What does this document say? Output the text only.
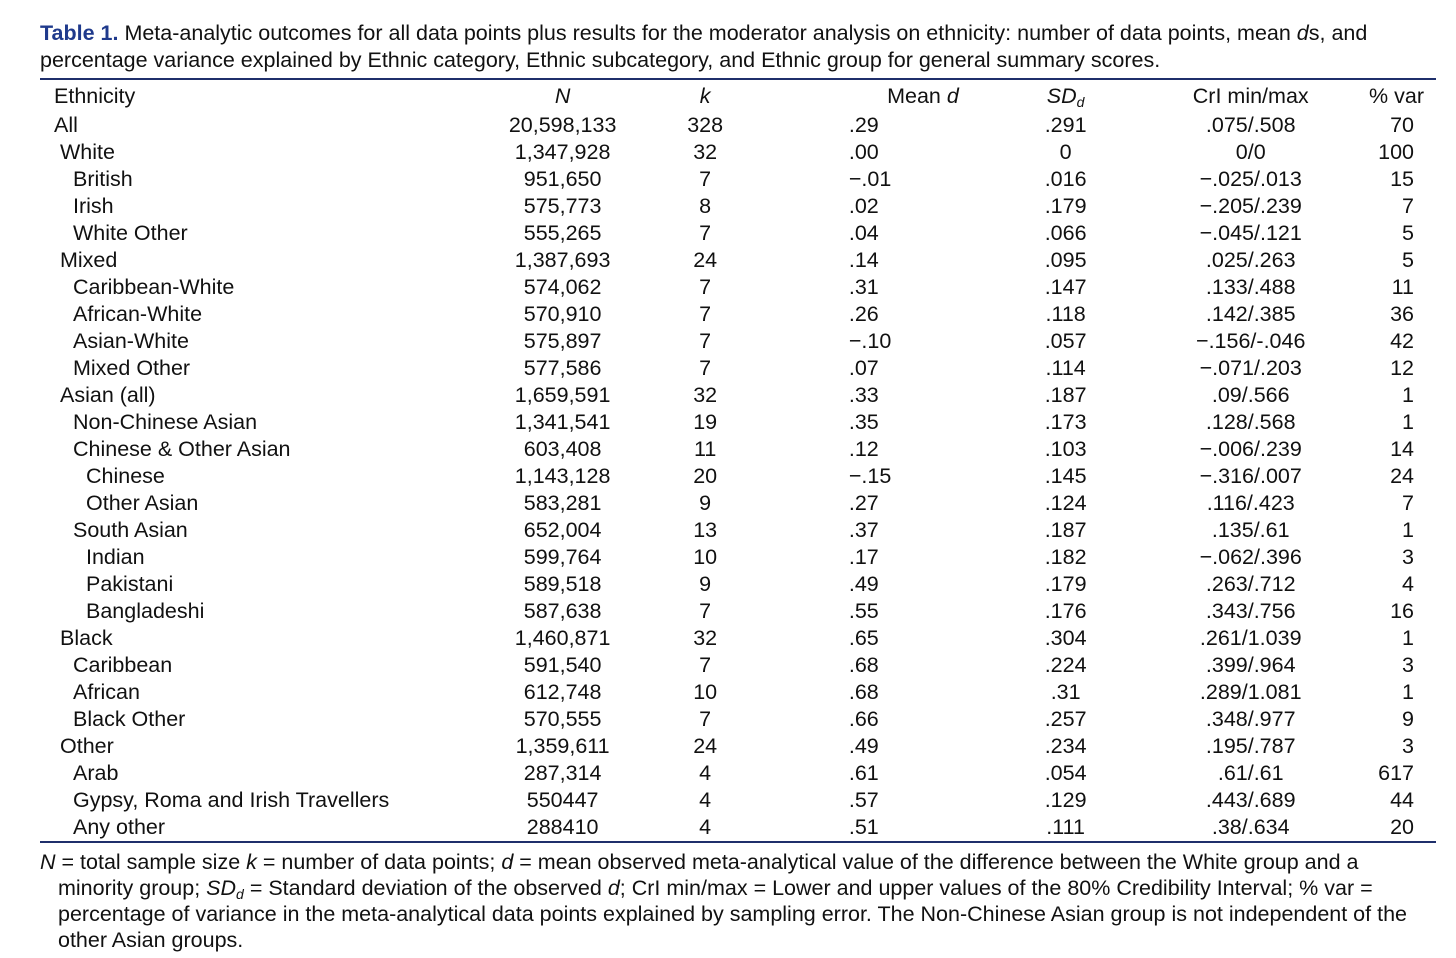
Table 1. Meta-analytic outcomes for all data points plus results for the moderator analysis on ethnicity: number of data points, mean ds, and percentage variance explained by Ethnic category, Ethnic subcategory, and Ethnic group for general summary scores.

Ethnicity	N	k	Mean d	$SD_d$	CrI min/max	% var
All	20,598,133	328	.29	.291	.075/.508	70
White	1,347,928	32	.00	0	0/0	100
British	951,650	7	−.01	.016	−.025/.013	15
Irish	575,773	8	.02	.179	−.205/.239	7
White Other	555,265	7	.04	.066	−.045/.121	5
Mixed	1,387,693	24	.14	.095	.025/.263	5
Caribbean-White	574,062	7	.31	.147	.133/.488	11
African-White	570,910	7	.26	.118	.142/.385	36
Asian-White	575,897	7	−.10	.057	−.156/-.046	42
Mixed Other	577,586	7	.07	.114	−.071/.203	12
Asian (all)	1,659,591	32	.33	.187	.09/.566	1
Non-Chinese Asian	1,341,541	19	.35	.173	.128/.568	1
Chinese & Other Asian	603,408	11	.12	.103	−.006/.239	14
Chinese	1,143,128	20	−.15	.145	−.316/.007	24
Other Asian	583,281	9	.27	.124	.116/.423	7
South Asian	652,004	13	.37	.187	.135/.61	1
Indian	599,764	10	.17	.182	−.062/.396	3
Pakistani	589,518	9	.49	.179	.263/.712	4
Bangladeshi	587,638	7	.55	.176	.343/.756	16
Black	1,460,871	32	.65	.304	.261/1.039	1
Caribbean	591,540	7	.68	.224	.399/.964	3
African	612,748	10	.68	.31	.289/1.081	1
Black Other	570,555	7	.66	.257	.348/.977	9
Other	1,359,611	24	.49	.234	.195/.787	3
Arab	287,314	4	.61	.054	.61/.61	617
Gypsy, Roma and Irish Travellers	550447	4	.57	.129	.443/.689	44
Any other	288410	4	.51	.111	.38/.634	20
N = total sample size k = number of data points; d = mean observed meta-analytical value of the difference between the White group and a minority group; $SD_d$ = Standard deviation of the observed d; CrI min/max = Lower and upper values of the 80% Credibility Interval; % var = percentage of variance in the meta-analytical data points explained by sampling error. The Non-Chinese Asian group is not independent of the other Asian groups.
